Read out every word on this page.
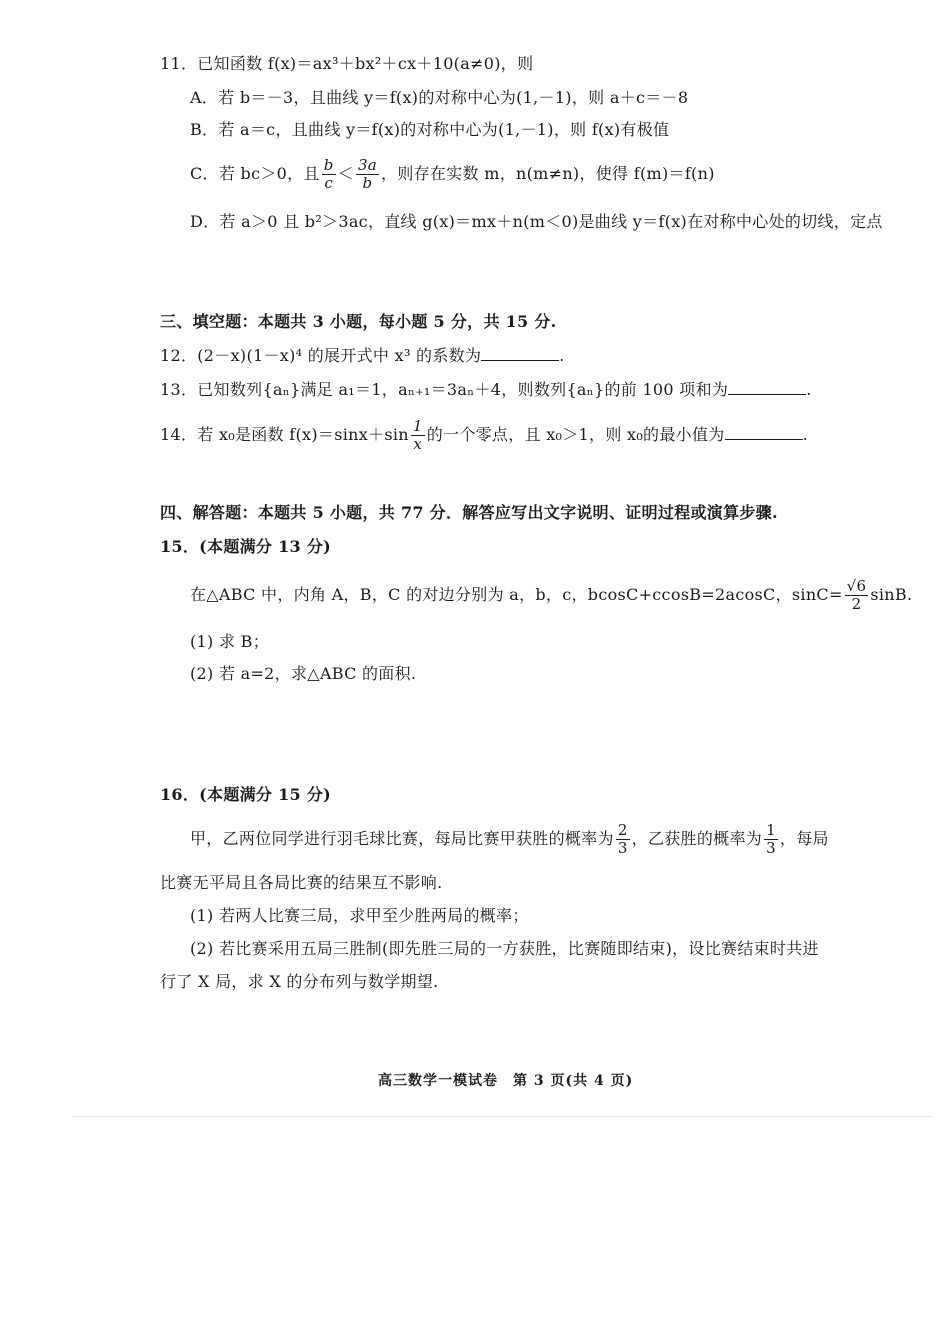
11．已知函数 f(x)＝ax³＋bx²＋cx＋10(a≠0)，则
A．若 b＝－3，且曲线 y＝f(x)的对称中心为(1,－1)，则 a＋c＝－8
B．若 a＝c，且曲线 y＝f(x)的对称中心为(1,－1)，则 f(x)有极值
C．若 bc＞0，且 $\frac{b}{c} < \frac{3a}{b}$ ，则存在实数 m，n(m≠n)，使得 f(m)＝f(n)
D．若 a＞0 且 b²＞3ac，直线 g(x)＝mx＋n(m＜0)是曲线 y＝f(x)在对称中心处的切线，定点
三、填空题：本题共 3 小题，每小题 5 分，共 15 分.
12．(2－x)(1－x)⁴ 的展开式中 x³ 的系数为	.
13．已知数列{aₙ}满足 a₁＝1，aₙ₊₁＝3aₙ＋4，则数列{aₙ}的前 100 项和为	.
14．若 x₀是函数 $f(x)=\sin x+\sin \frac{1}{x}$ 的一个零点，且 x₀＞1，则 x₀的最小值为	.
四、解答题：本题共 5 小题，共 77 分．解答应写出文字说明、证明过程或演算步骤.
15．(本题满分 13 分)
在△ABC 中，内角 A，B，C 的对边分别为 a，b，c，bcosC+ccosB=2acosC，$\sin C= \frac{√6}{2} \sin B$.
(1) 求 B；
(2) 若 a=2，求△ABC 的面积.
16．(本题满分 15 分)
甲，乙两位同学进行羽毛球比赛，每局比赛甲获胜的概率为 $\frac{2}{3}$ ，乙获胜的概率为 $\frac{1}{3}$ ，每局
比赛无平局且各局比赛的结果互不影响.
(1) 若两人比赛三局，求甲至少胜两局的概率；
(2) 若比赛采用五局三胜制(即先胜三局的一方获胜，比赛随即结束)，设比赛结束时共进
行了 X 局，求 X 的分布列与数学期望.
高三数学一模试卷　第 3 页(共 4 页)
